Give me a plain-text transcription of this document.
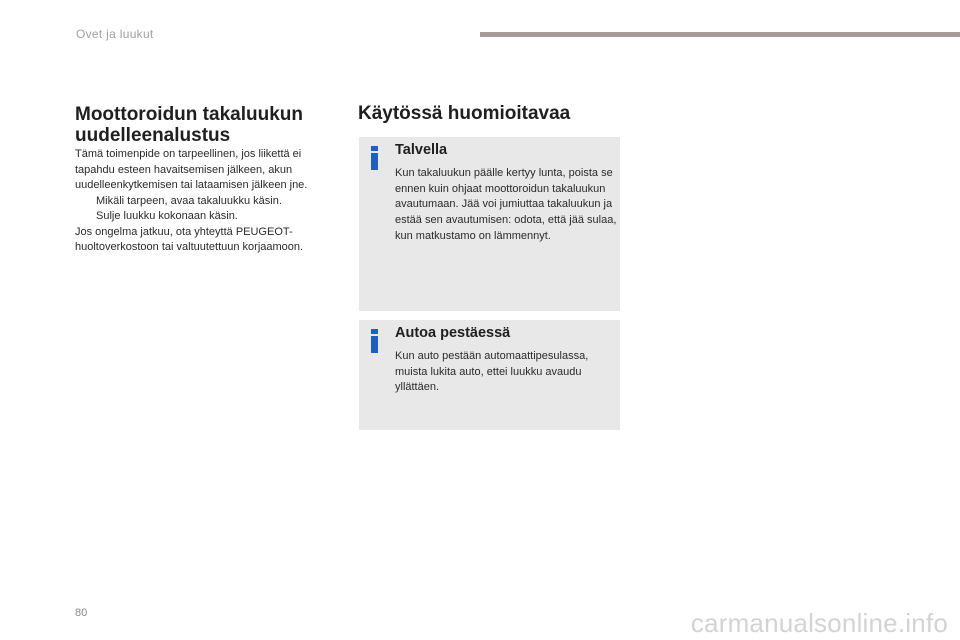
Ovet ja luukut
Moottoroidun takaluukun uudelleenalustus

Tämä toimenpide on tarpeellinen, jos liikettä ei tapahdu esteen havaitsemisen jälkeen, akun uudelleenkytkemisen tai lataamisen jälkeen jne.

Mikäli tarpeen, avaa takaluukku käsin.
Sulje luukku kokonaan käsin.

Jos ongelma jatkuu, ota yhteyttä PEUGEOT-huoltoverkostoon tai valtuutettuun korjaamoon.

Käytössä huomioitavaa
Talvella
Kun takaluukun päälle kertyy lunta, poista se ennen kuin ohjaat moottoroidun takaluukun avautumaan. Jää voi jumiuttaa takaluukun ja estää sen avautumisen: odota, että jää sulaa, kun matkustamo on lämmennyt.
Autoa pestäessä
Kun auto pestään automaattipesulassa, muista lukita auto, ettei luukku avaudu yllättäen.
80	carmanualsonline.info
